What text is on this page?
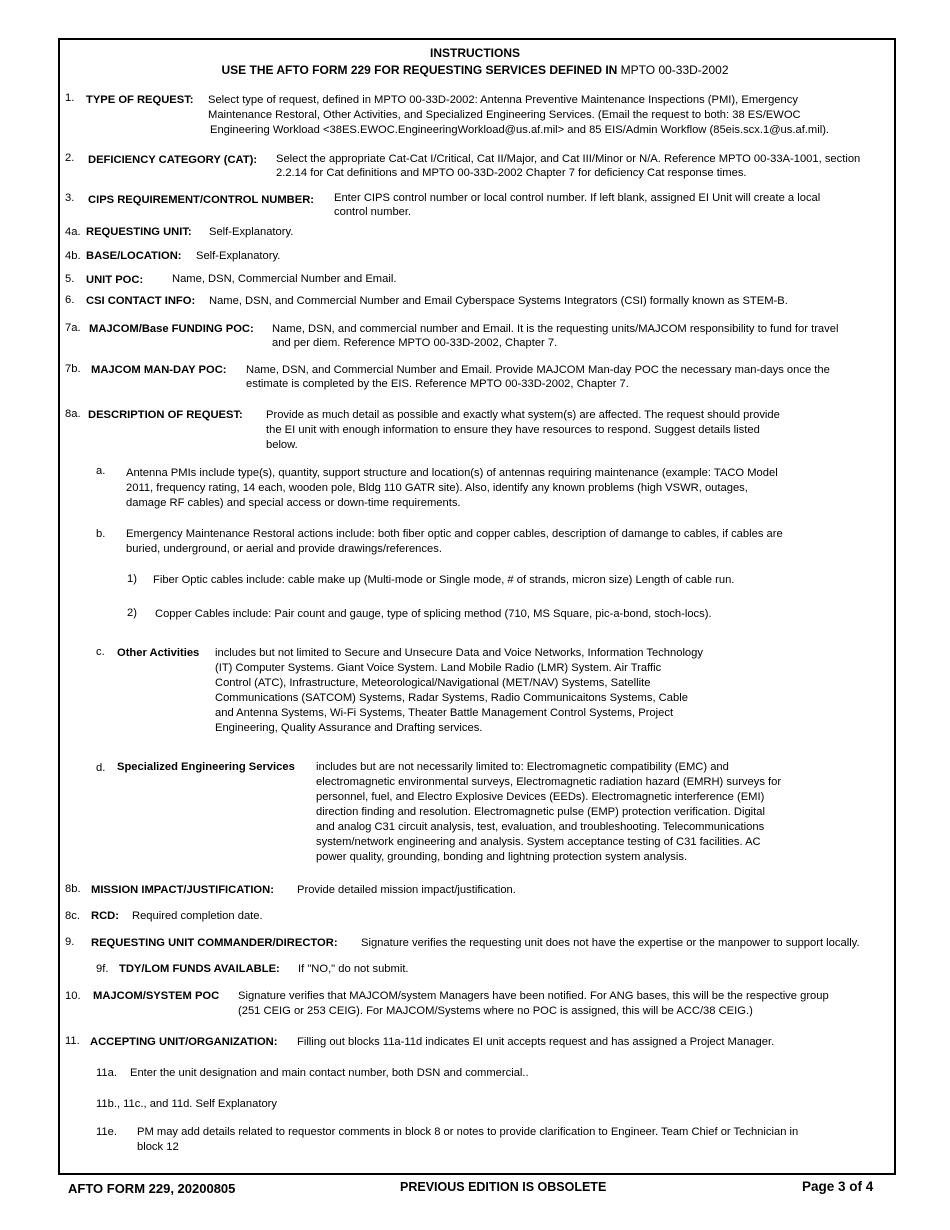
INSTRUCTIONS
USE THE AFTO FORM 229 FOR REQUESTING SERVICES DEFINED IN MPTO 00-33D-2002
1. TYPE OF REQUEST: Select type of request, defined in MPTO 00-33D-2002: Antenna Preventive Maintenance Inspections (PMI), Emergency
Maintenance Restoral, Other Activities, and Specialized Engineering Services. (Email the request to both: 38 ES/EWOC
Engineering Workload <38ES.EWOC.EngineeringWorkload@us.af.mil> and 85 EIS/Admin Workflow (85eis.scx.1@us.af.mil).
2. DEFICIENCY CATEGORY (CAT): Select the appropriate Cat-Cat I/Critical, Cat II/Major, and Cat III/Minor or N/A. Reference MPTO 00-33A-1001, section
2.2.14 for Cat definitions and MPTO 00-33D-2002 Chapter 7 for deficiency Cat response times.
3. CIPS REQUIREMENT/CONTROL NUMBER: Enter CIPS control number or local control number. If left blank, assigned EI Unit will create a local
control number.
4a. REQUESTING UNIT: Self-Explanatory.
4b. BASE/LOCATION: Self-Explanatory.
5. UNIT POC:	Name, DSN, Commercial Number and Email.
6. CSI CONTACT INFO: Name, DSN, and Commercial Number and Email Cyberspace Systems Integrators (CSI) formally known as STEM-B.
7a. MAJCOM/Base FUNDING POC: Name, DSN, and commercial number and Email. It is the requesting units/MAJCOM responsibility to fund for travel
and per diem. Reference MPTO 00-33D-2002, Chapter 7.
7b. MAJCOM MAN-DAY POC: Name, DSN, and Commercial Number and Email. Provide MAJCOM Man-day POC the necessary man-days once the
estimate is completed by the EIS. Reference MPTO 00-33D-2002, Chapter 7.
8a. DESCRIPTION OF REQUEST: Provide as much detail as possible and exactly what system(s) are affected. The request should provide
the EI unit with enough information to ensure they have resources to respond. Suggest details listed
below.
a. Antenna PMIs include type(s), quantity, support structure and location(s) of antennas requiring maintenance (example: TACO Model
2011, frequency rating, 14 each, wooden pole, Bldg 110 GATR site). Also, identify any known problems (high VSWR, outages,
damage RF cables) and special access or down-time requirements.
b. Emergency Maintenance Restoral actions include: both fiber optic and copper cables, description of damange to cables, if cables are
buried, underground, or aerial and provide drawings/references.
1) Fiber Optic cables include: cable make up (Multi-mode or Single mode, # of strands, micron size) Length of cable run.
2) Copper Cables include: Pair count and gauge, type of splicing method (710, MS Square, pic-a-bond, stoch-locs).
c. Other Activities includes but not limited to Secure and Unsecure Data and Voice Networks, Information Technology
(IT) Computer Systems. Giant Voice System. Land Mobile Radio (LMR) System. Air Traffic
Control (ATC), Infrastructure, Meteorological/Navigational (MET/NAV) Systems, Satellite
Communications (SATCOM) Systems, Radar Systems, Radio Communicaitons Systems, Cable
and Antenna Systems, Wi-Fi Systems, Theater Battle Management Control Systems, Project
Engineering, Quality Assurance and Drafting services.
d. Specialized Engineering Services includes but are not necessarily limited to: Electromagnetic compatibility (EMC) and
electromagnetic environmental surveys, Electromagnetic radiation hazard (EMRH) surveys for
personnel, fuel, and Electro Explosive Devices (EEDs). Electromagnetic interference (EMI)
direction finding and resolution. Electromagnetic pulse (EMP) protection verification. Digital
and analog C31 circuit analysis, test, evaluation, and troubleshooting. Telecommunications
system/network engineering and analysis. System acceptance testing of C31 facilities. AC
power quality, grounding, bonding and lightning protection system analysis.
8b. MISSION IMPACT/JUSTIFICATION: Provide detailed mission impact/justification.
8c. RCD: Required completion date.
9. REQUESTING UNIT COMMANDER/DIRECTOR: Signature verifies the requesting unit does not have the expertise or the manpower to support locally.
9f. TDY/LOM FUNDS AVAILABLE: If "NO," do not submit.
10. MAJCOM/SYSTEM POC Signature verifies that MAJCOM/system Managers have been notified. For ANG bases, this will be the respective group
(251 CEIG or 253 CEIG). For MAJCOM/Systems where no POC is assigned, this will be ACC/38 CEIG.)
11. ACCEPTING UNIT/ORGANIZATION: Filling out blocks 11a-11d indicates EI unit accepts request and has assigned a Project Manager.
11a. Enter the unit designation and main contact number, both DSN and commercial..
11b., 11c., and 11d. Self Explanatory
11e. PM may add details related to requestor comments in block 8 or notes to provide clarification to Engineer. Team Chief or Technician in
block 12
AFTO FORM 229, 20200805	PREVIOUS EDITION IS OBSOLETE	Page 3 of 4
